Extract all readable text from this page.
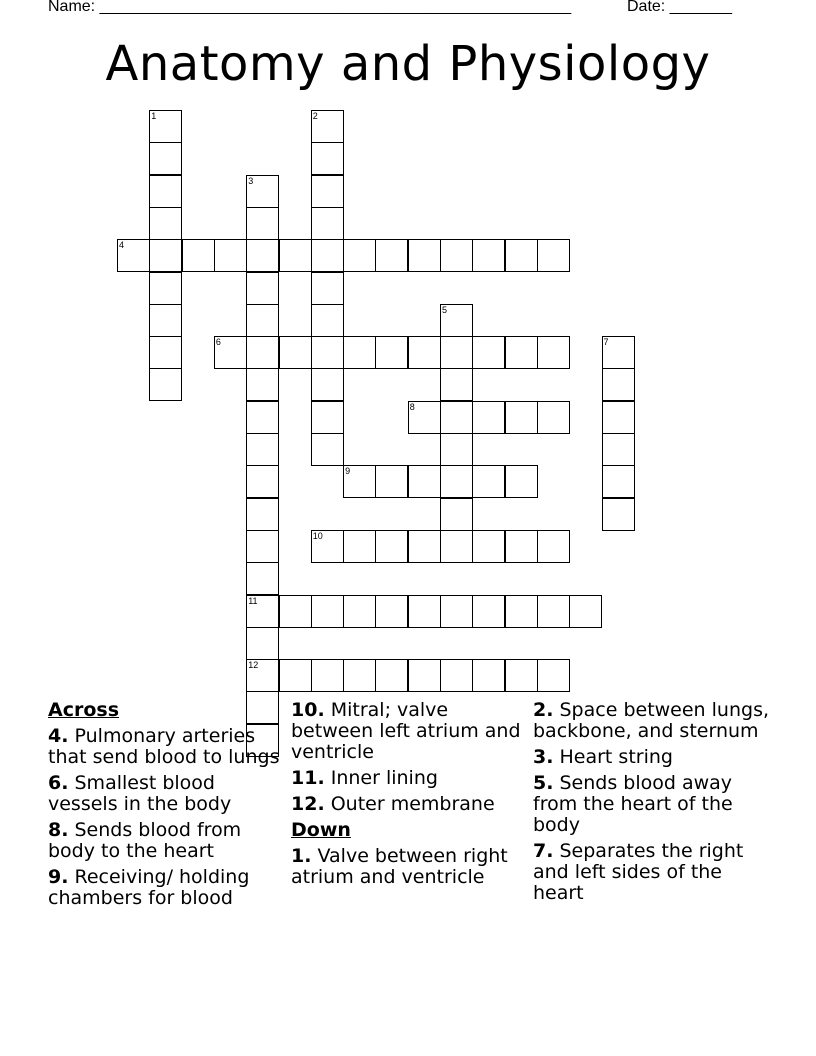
Name: _____________________________________________________	Date: _______
Anatomy and Physiology
1	2
3
11
12
4
5
6	7
8
9
10
Across
4. Pulmonary arteries that send blood to lungs
6. Smallest blood vessels in the body
8. Sends blood from body to the heart
9. Receiving/ holding chambers for blood
10. Mitral; valve between left atrium and ventricle
11. Inner lining
12. Outer membrane
Down
1. Valve between right atrium and ventricle
2. Space between lungs, backbone, and sternum
3. Heart string
5. Sends blood away from the heart of the body
7. Separates the right and left sides of the heart
